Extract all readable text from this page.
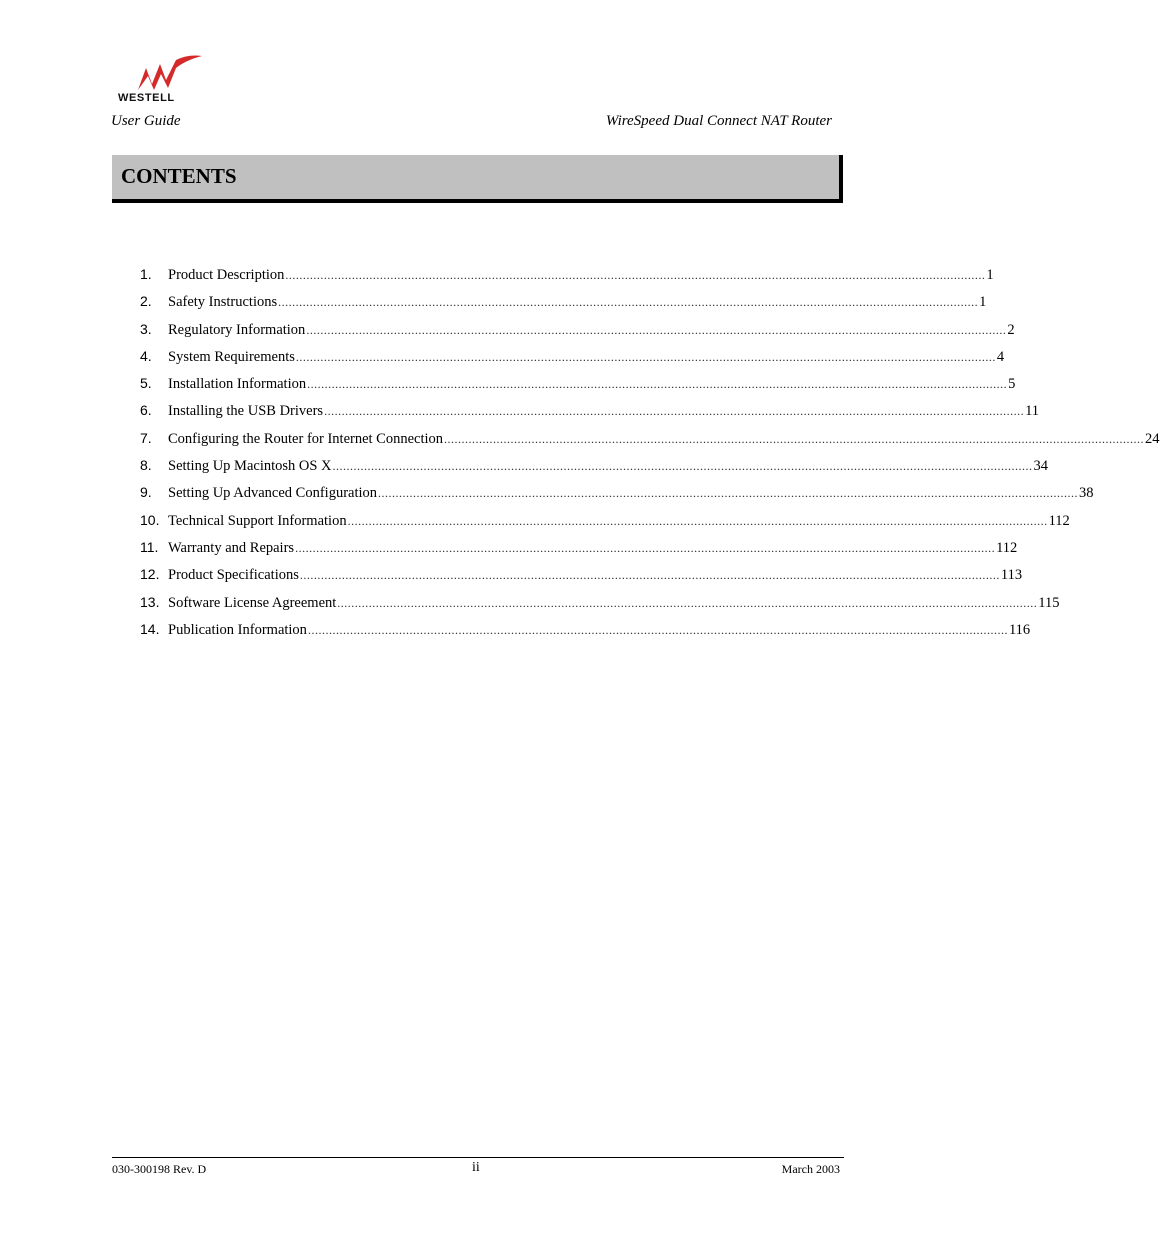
WESTELL
User Guide	WireSpeed Dual Connect NAT Router
CONTENTS
1.	Product Description ........................................................................................................................................................................................................ 1
2.	Safety Instructions ........................................................................................................................................................................................................ 1
3.	Regulatory Information ........................................................................................................................................................................................................ 2
4.	System Requirements ........................................................................................................................................................................................................ 4
5.	Installation Information ........................................................................................................................................................................................................ 5
6.	Installing the USB Drivers ........................................................................................................................................................................................................ 11
7.	Configuring the Router for Internet Connection ........................................................................................................................................................................................................ 24
8.	Setting Up Macintosh OS X ........................................................................................................................................................................................................ 34
9.	Setting Up Advanced Configuration ........................................................................................................................................................................................................ 38
10. Technical Support Information ........................................................................................................................................................................................................ 112
11. Warranty and Repairs ........................................................................................................................................................................................................ 112
12. Product Specifications ........................................................................................................................................................................................................ 113
13. Software License Agreement ........................................................................................................................................................................................................ 115
14. Publication Information ........................................................................................................................................................................................................ 116
030-300198 Rev. D	ii	March 2003
